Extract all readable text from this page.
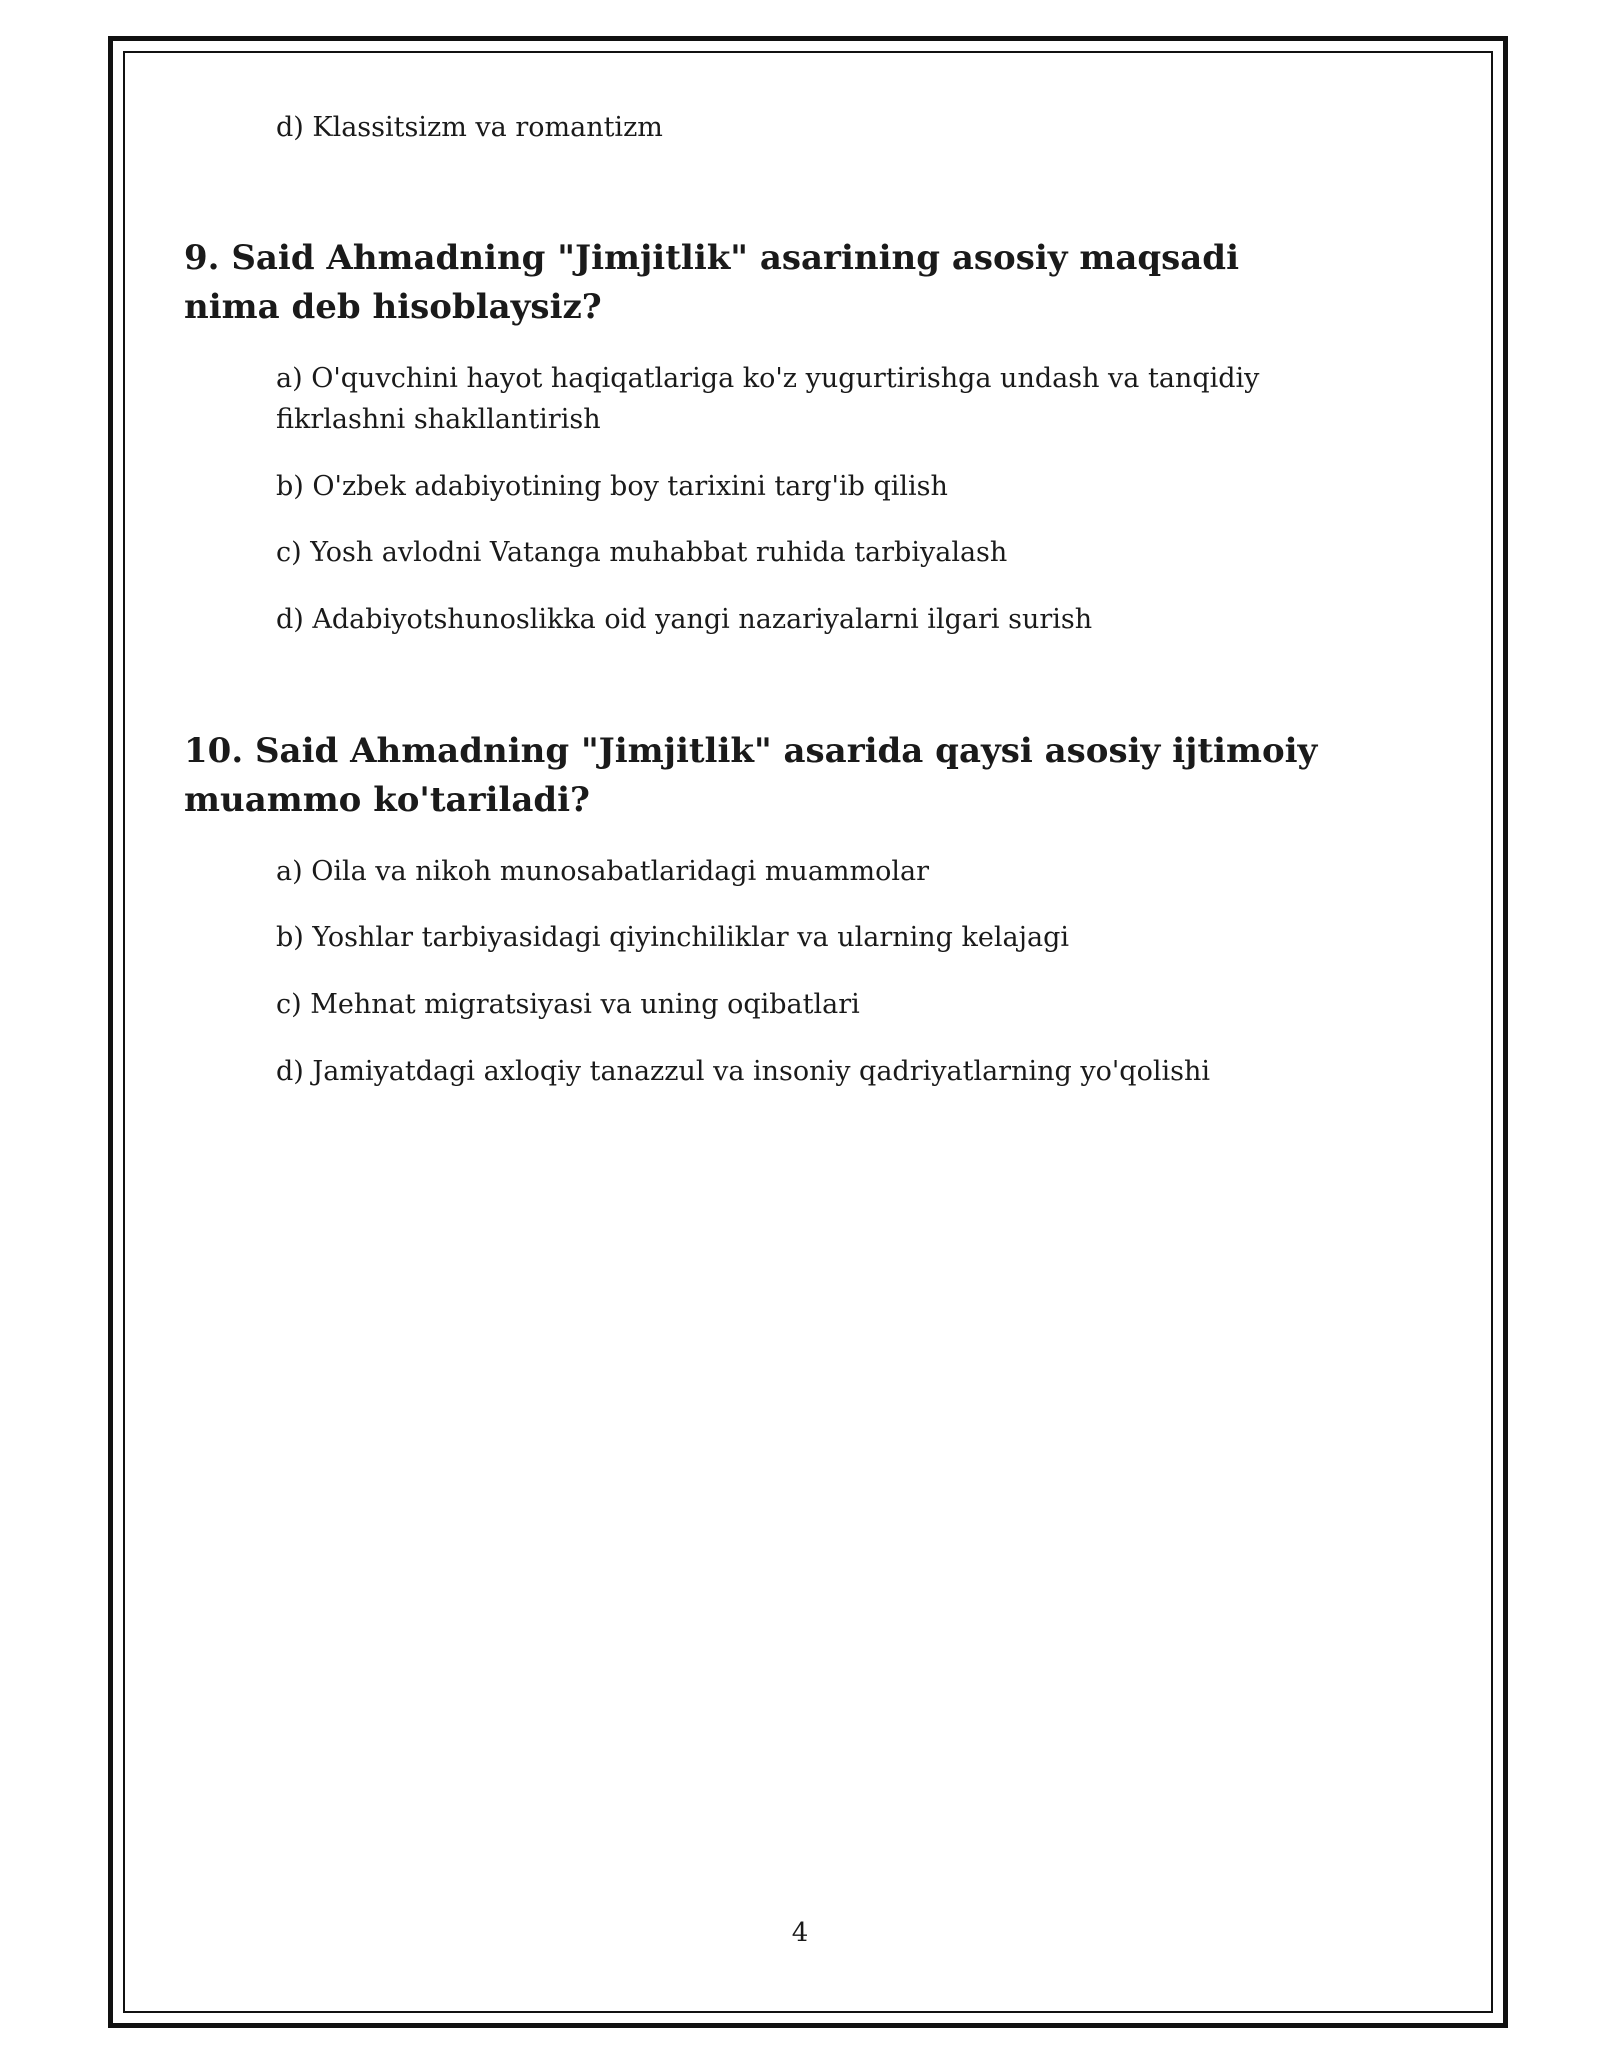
d) Klassitsizm va romantizm
9. Said Ahmadning "Jimjitlik" asarining asosiy maqsadi nima deb hisoblaysiz?
a) O'quvchini hayot haqiqatlariga ko'z yugurtirishga undash va tanqidiy fikrlashni shakllantirish
b) O'zbek adabiyotining boy tarixini targ'ib qilish
c) Yosh avlodni Vatanga muhabbat ruhida tarbiyalash
d) Adabiyotshunoslikka oid yangi nazariyalarni ilgari surish
10. Said Ahmadning "Jimjitlik" asarida qaysi asosiy ijtimoiy muammo ko'tariladi?
a) Oila va nikoh munosabatlaridagi muammolar
b) Yoshlar tarbiyasidagi qiyinchiliklar va ularning kelajagi
c) Mehnat migratsiyasi va uning oqibatlari
d) Jamiyatdagi axloqiy tanazzul va insoniy qadriyatlarning yo'qolishi
4
